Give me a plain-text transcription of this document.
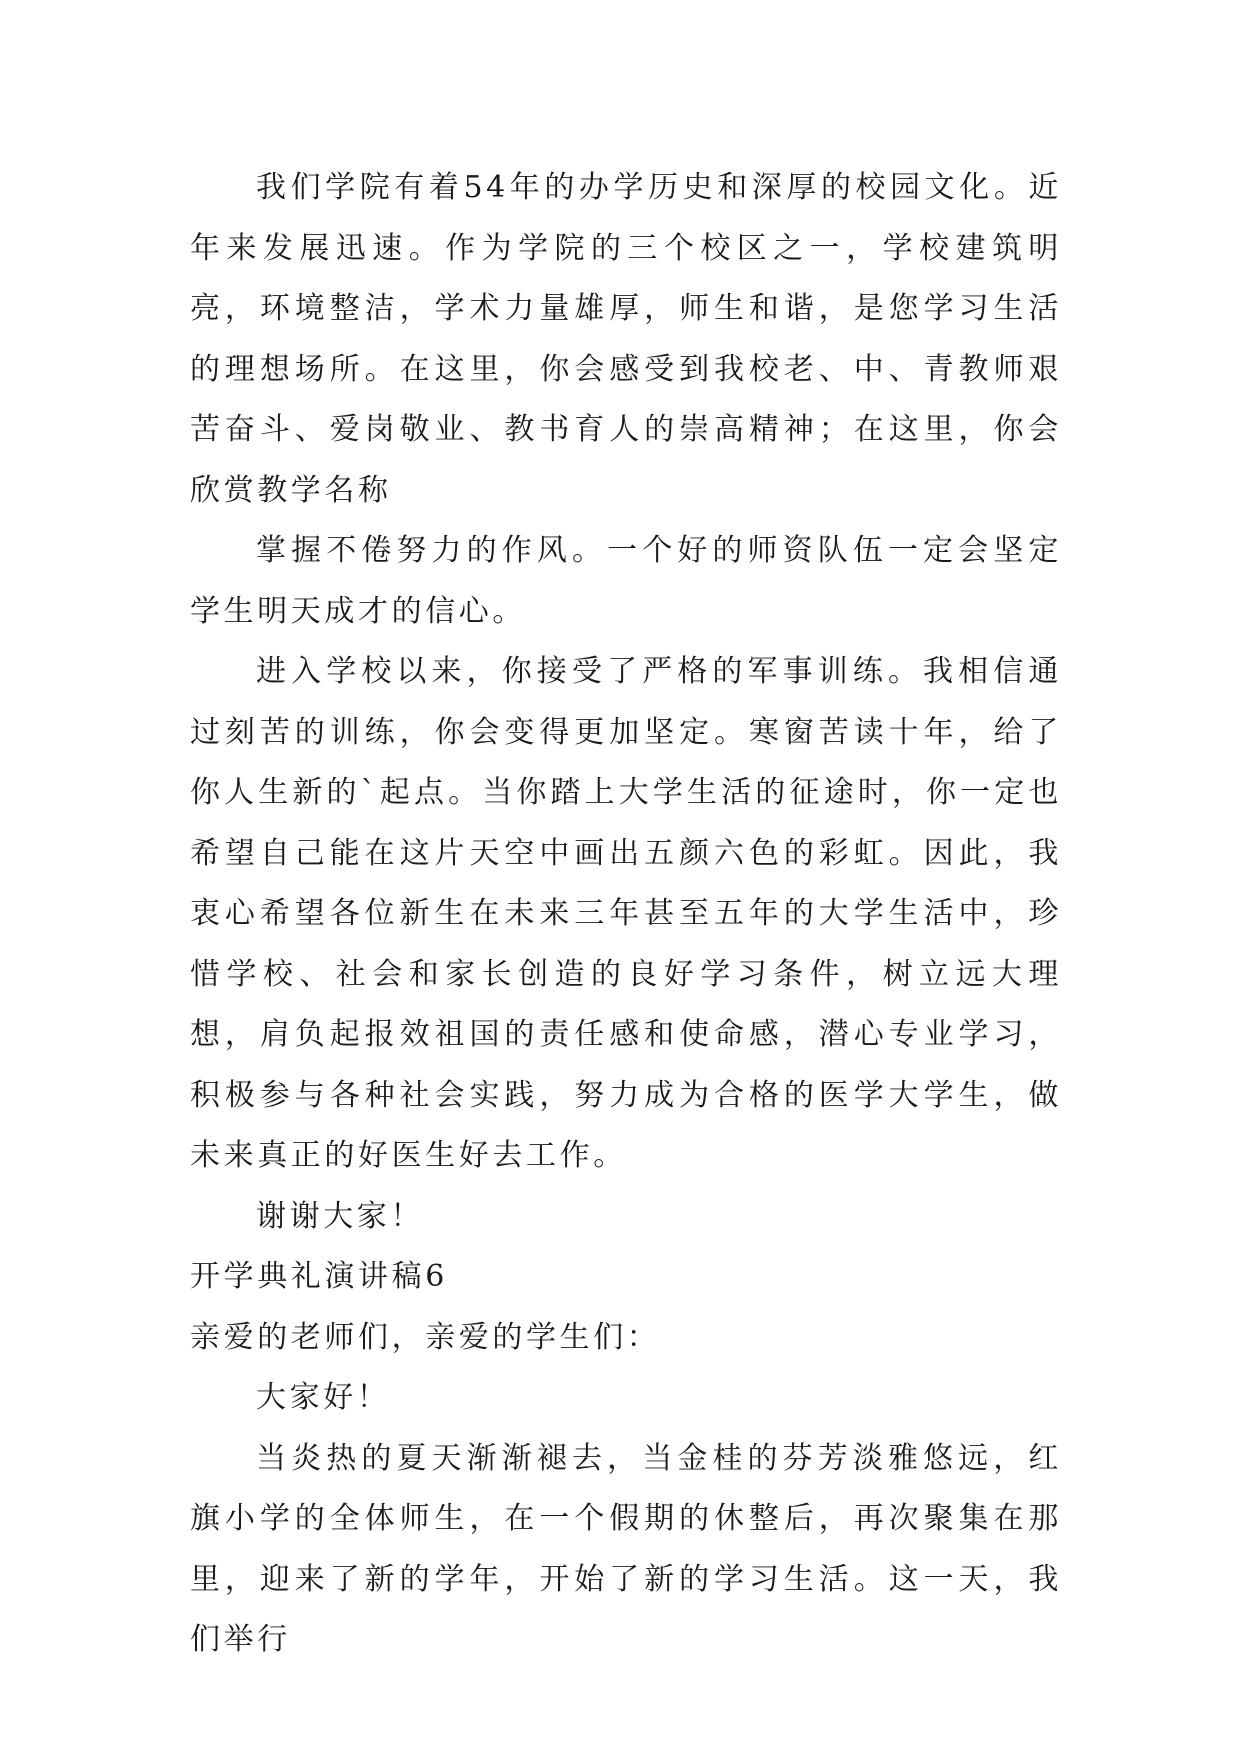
我们学院有着54年的办学历史和深厚的校园文化。近年来发展迅速。作为学院的三个校区之一，学校建筑明亮，环境整洁，学术力量雄厚，师生和谐，是您学习生活的理想场所。在这里，你会感受到我校老、中、青教师艰苦奋斗、爱岗敬业、教书育人的崇高精神；在这里，你会欣赏教学名称

掌握不倦努力的作风。一个好的师资队伍一定会坚定学生明天成才的信心。

进入学校以来，你接受了严格的军事训练。我相信通过刻苦的训练，你会变得更加坚定。寒窗苦读十年，给了你人生新的`起点。当你踏上大学生活的征途时，你一定也希望自己能在这片天空中画出五颜六色的彩虹。因此，我衷心希望各位新生在未来三年甚至五年的大学生活中，珍惜学校、社会和家长创造的良好学习条件，树立远大理想，肩负起报效祖国的责任感和使命感，潜心专业学习，积极参与各种社会实践，努力成为合格的医学大学生，做未来真正的好医生好去工作。

谢谢大家！

开学典礼演讲稿6

亲爱的老师们，亲爱的学生们：

大家好！

当炎热的夏天渐渐褪去，当金桂的芬芳淡雅悠远，红旗小学的全体师生，在一个假期的休整后，再次聚集在那里，迎来了新的学年，开始了新的学习生活。这一天，我们举行
